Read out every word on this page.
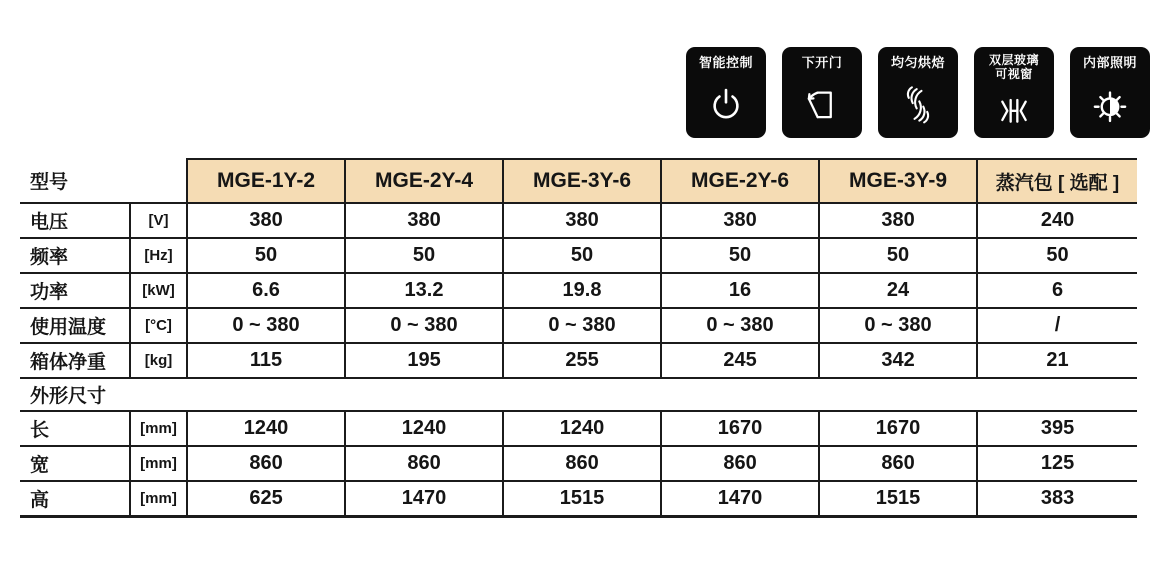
智能控制	下开门	均匀烘焙	双层玻璃
可视窗
内部照明
型号		MGE-1Y-2	MGE-2Y-4	MGE-3Y-6	MGE-2Y-6	MGE-3Y-9	蒸汽包 [ 选配 ]
电压	[V]	380	380	380	380	380	240
频率	[Hz]	50	50	50	50	50	50
功率	[kW]	6.6	13.2	19.8	16	24	6
使用温度	[°C]	0 ~ 380	0 ~ 380	0 ~ 380	0 ~ 380	0 ~ 380	/
箱体净重	[kg]	115	195	255	245	342	21
外形尺寸							
长	[mm]	1240	1240	1240	1670	1670	395
宽	[mm]	860	860	860	860	860	125
高	[mm]	625	1470	1515	1470	1515	383
